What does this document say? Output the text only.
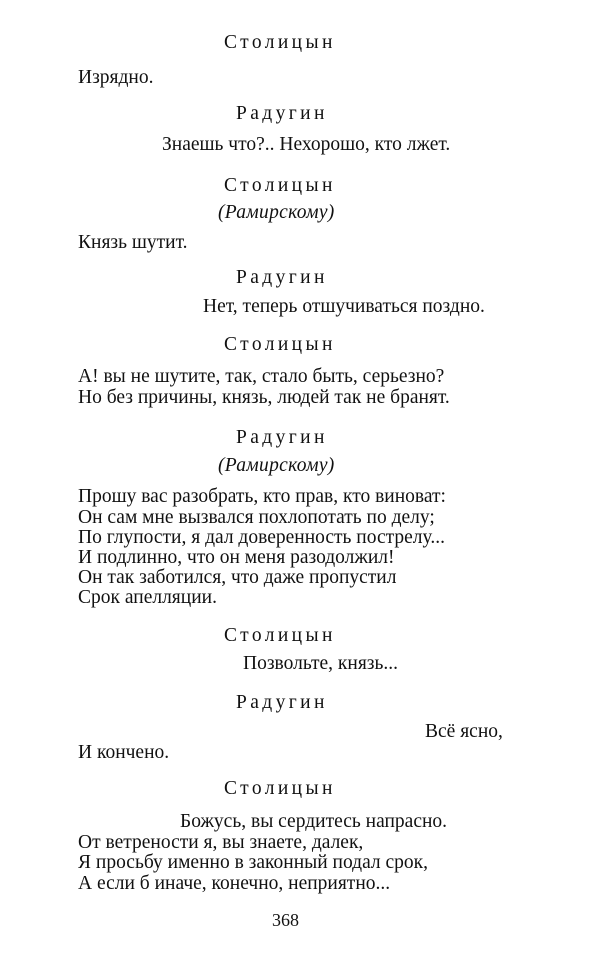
Столицын

Изрядно.

Радугин

Знаешь что?.. Нехорошо, кто лжет.

Столицын

(Рамирскому)

Князь шутит.

Радугин

Нет, теперь отшучиваться поздно.

Столицын

А! вы не шутите, так, стало быть, серьезно?

Но без причины, князь, людей так не бранят.

Радугин

(Рамирскому)

Прошу вас разобрать, кто прав, кто виноват:

Он сам мне вызвался похлопотать по делу;

По глупости, я дал доверенность пострелу...

И подлинно, что он меня разодолжил!

Он так заботился, что даже пропустил

Срок апелляции.

Столицын

Позвольте, князь...

Радугин

Всё ясно,

И кончено.

Столицын

Божусь, вы сердитесь напрасно.

От ветрености я, вы знаете, далек,

Я просьбу именно в законный подал срок,

А если б иначе, конечно, неприятно...

368
